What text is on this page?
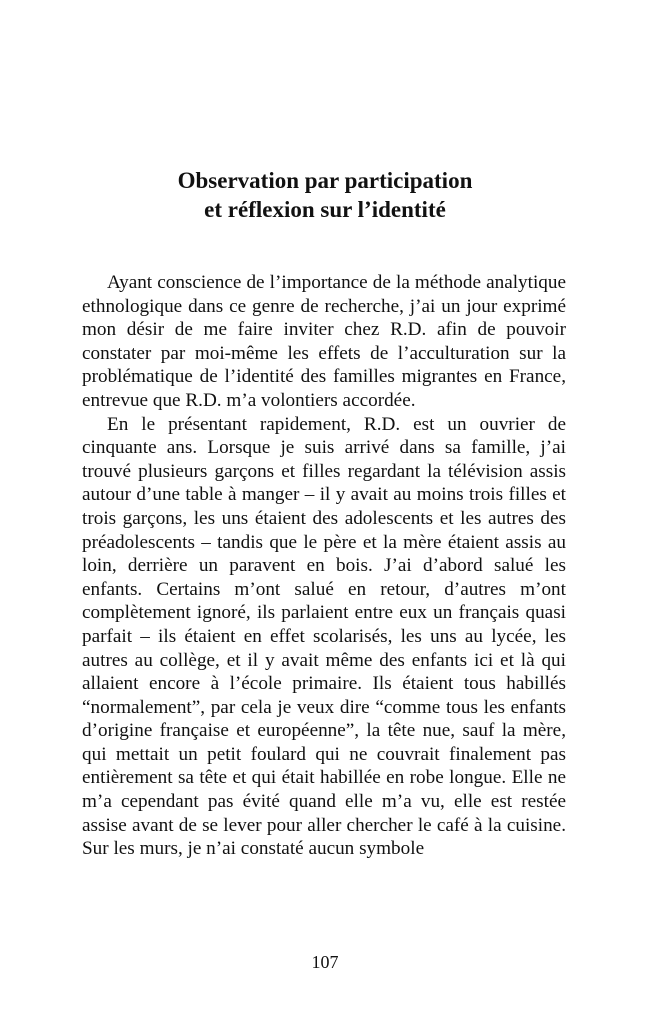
Observation par participation
et réflexion sur l’identité

Ayant conscience de l’importance de la méthode analytique ethnologique dans ce genre de recherche, j’ai un jour exprimé mon désir de me faire inviter chez R.D. afin de pouvoir constater par moi-même les effets de l’acculturation sur la problématique de l’identité des familles migrantes en France, entrevue que R.D. m’a volontiers accordée.

En le présentant rapidement, R.D. est un ouvrier de cinquante ans. Lorsque je suis arrivé dans sa famille, j’ai trouvé plusieurs garçons et filles regardant la télévision assis autour d’une table à manger – il y avait au moins trois filles et trois garçons, les uns étaient des adolescents et les autres des préadolescents – tandis que le père et la mère étaient assis au loin, derrière un paravent en bois. J’ai d’abord salué les enfants. Certains m’ont salué en retour, d’autres m’ont complètement ignoré, ils parlaient entre eux un français quasi parfait – ils étaient en effet scolarisés, les uns au lycée, les autres au collège, et il y avait même des enfants ici et là qui allaient encore à l’école primaire. Ils étaient tous habillés “normalement”, par cela je veux dire “comme tous les enfants d’origine française et européenne”, la tête nue, sauf la mère, qui mettait un petit foulard qui ne couvrait finalement pas entièrement sa tête et qui était habillée en robe longue. Elle ne m’a cependant pas évité quand elle m’a vu, elle est restée assise avant de se lever pour aller chercher le café à la cuisine. Sur les murs, je n’ai constaté aucun symbole

107
